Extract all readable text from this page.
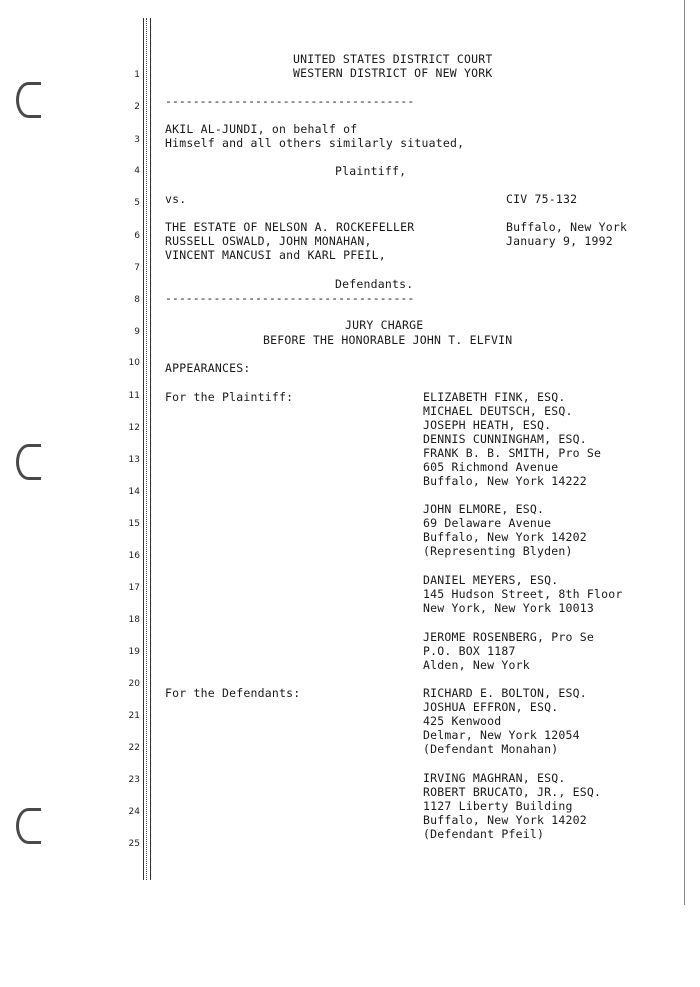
1
2
3
4
5
6
7
8
9
10
11
12
13
14
15
16
17
18
19
20
21
22
23
24
25
UNITED STATES DISTRICT COURT
WESTERN DISTRICT OF NEW YORK
------------------------------------
AKIL AL-JUNDI, on behalf of
Himself and all others similarly situated,
Plaintiff,
vs.	CIV 75-132
THE ESTATE OF NELSON A. ROCKEFELLER
RUSSELL OSWALD, JOHN MONAHAN,
VINCENT MANCUSI and KARL PFEIL,
Buffalo, New York
January 9, 1992
Defendants.
------------------------------------
JURY CHARGE
BEFORE THE HONORABLE JOHN T. ELFVIN
APPEARANCES:
For the Plaintiff:	ELIZABETH FINK, ESQ.
MICHAEL DEUTSCH, ESQ.
JOSEPH HEATH, ESQ.
DENNIS CUNNINGHAM, ESQ.
FRANK B. B. SMITH, Pro Se
605 Richmond Avenue
Buffalo, New York 14222
JOHN ELMORE, ESQ.
69 Delaware Avenue
Buffalo, New York 14202
(Representing Blyden)
DANIEL MEYERS, ESQ.
145 Hudson Street, 8th Floor
New York, New York 10013
JEROME ROSENBERG, Pro Se
P.O. BOX 1187
Alden, New York
For the Defendants:	RICHARD E. BOLTON, ESQ.
JOSHUA EFFRON, ESQ.
425 Kenwood
Delmar, New York 12054
(Defendant Monahan)
IRVING MAGHRAN, ESQ.
ROBERT BRUCATO, JR., ESQ.
1127 Liberty Building
Buffalo, New York 14202
(Defendant Pfeil)
